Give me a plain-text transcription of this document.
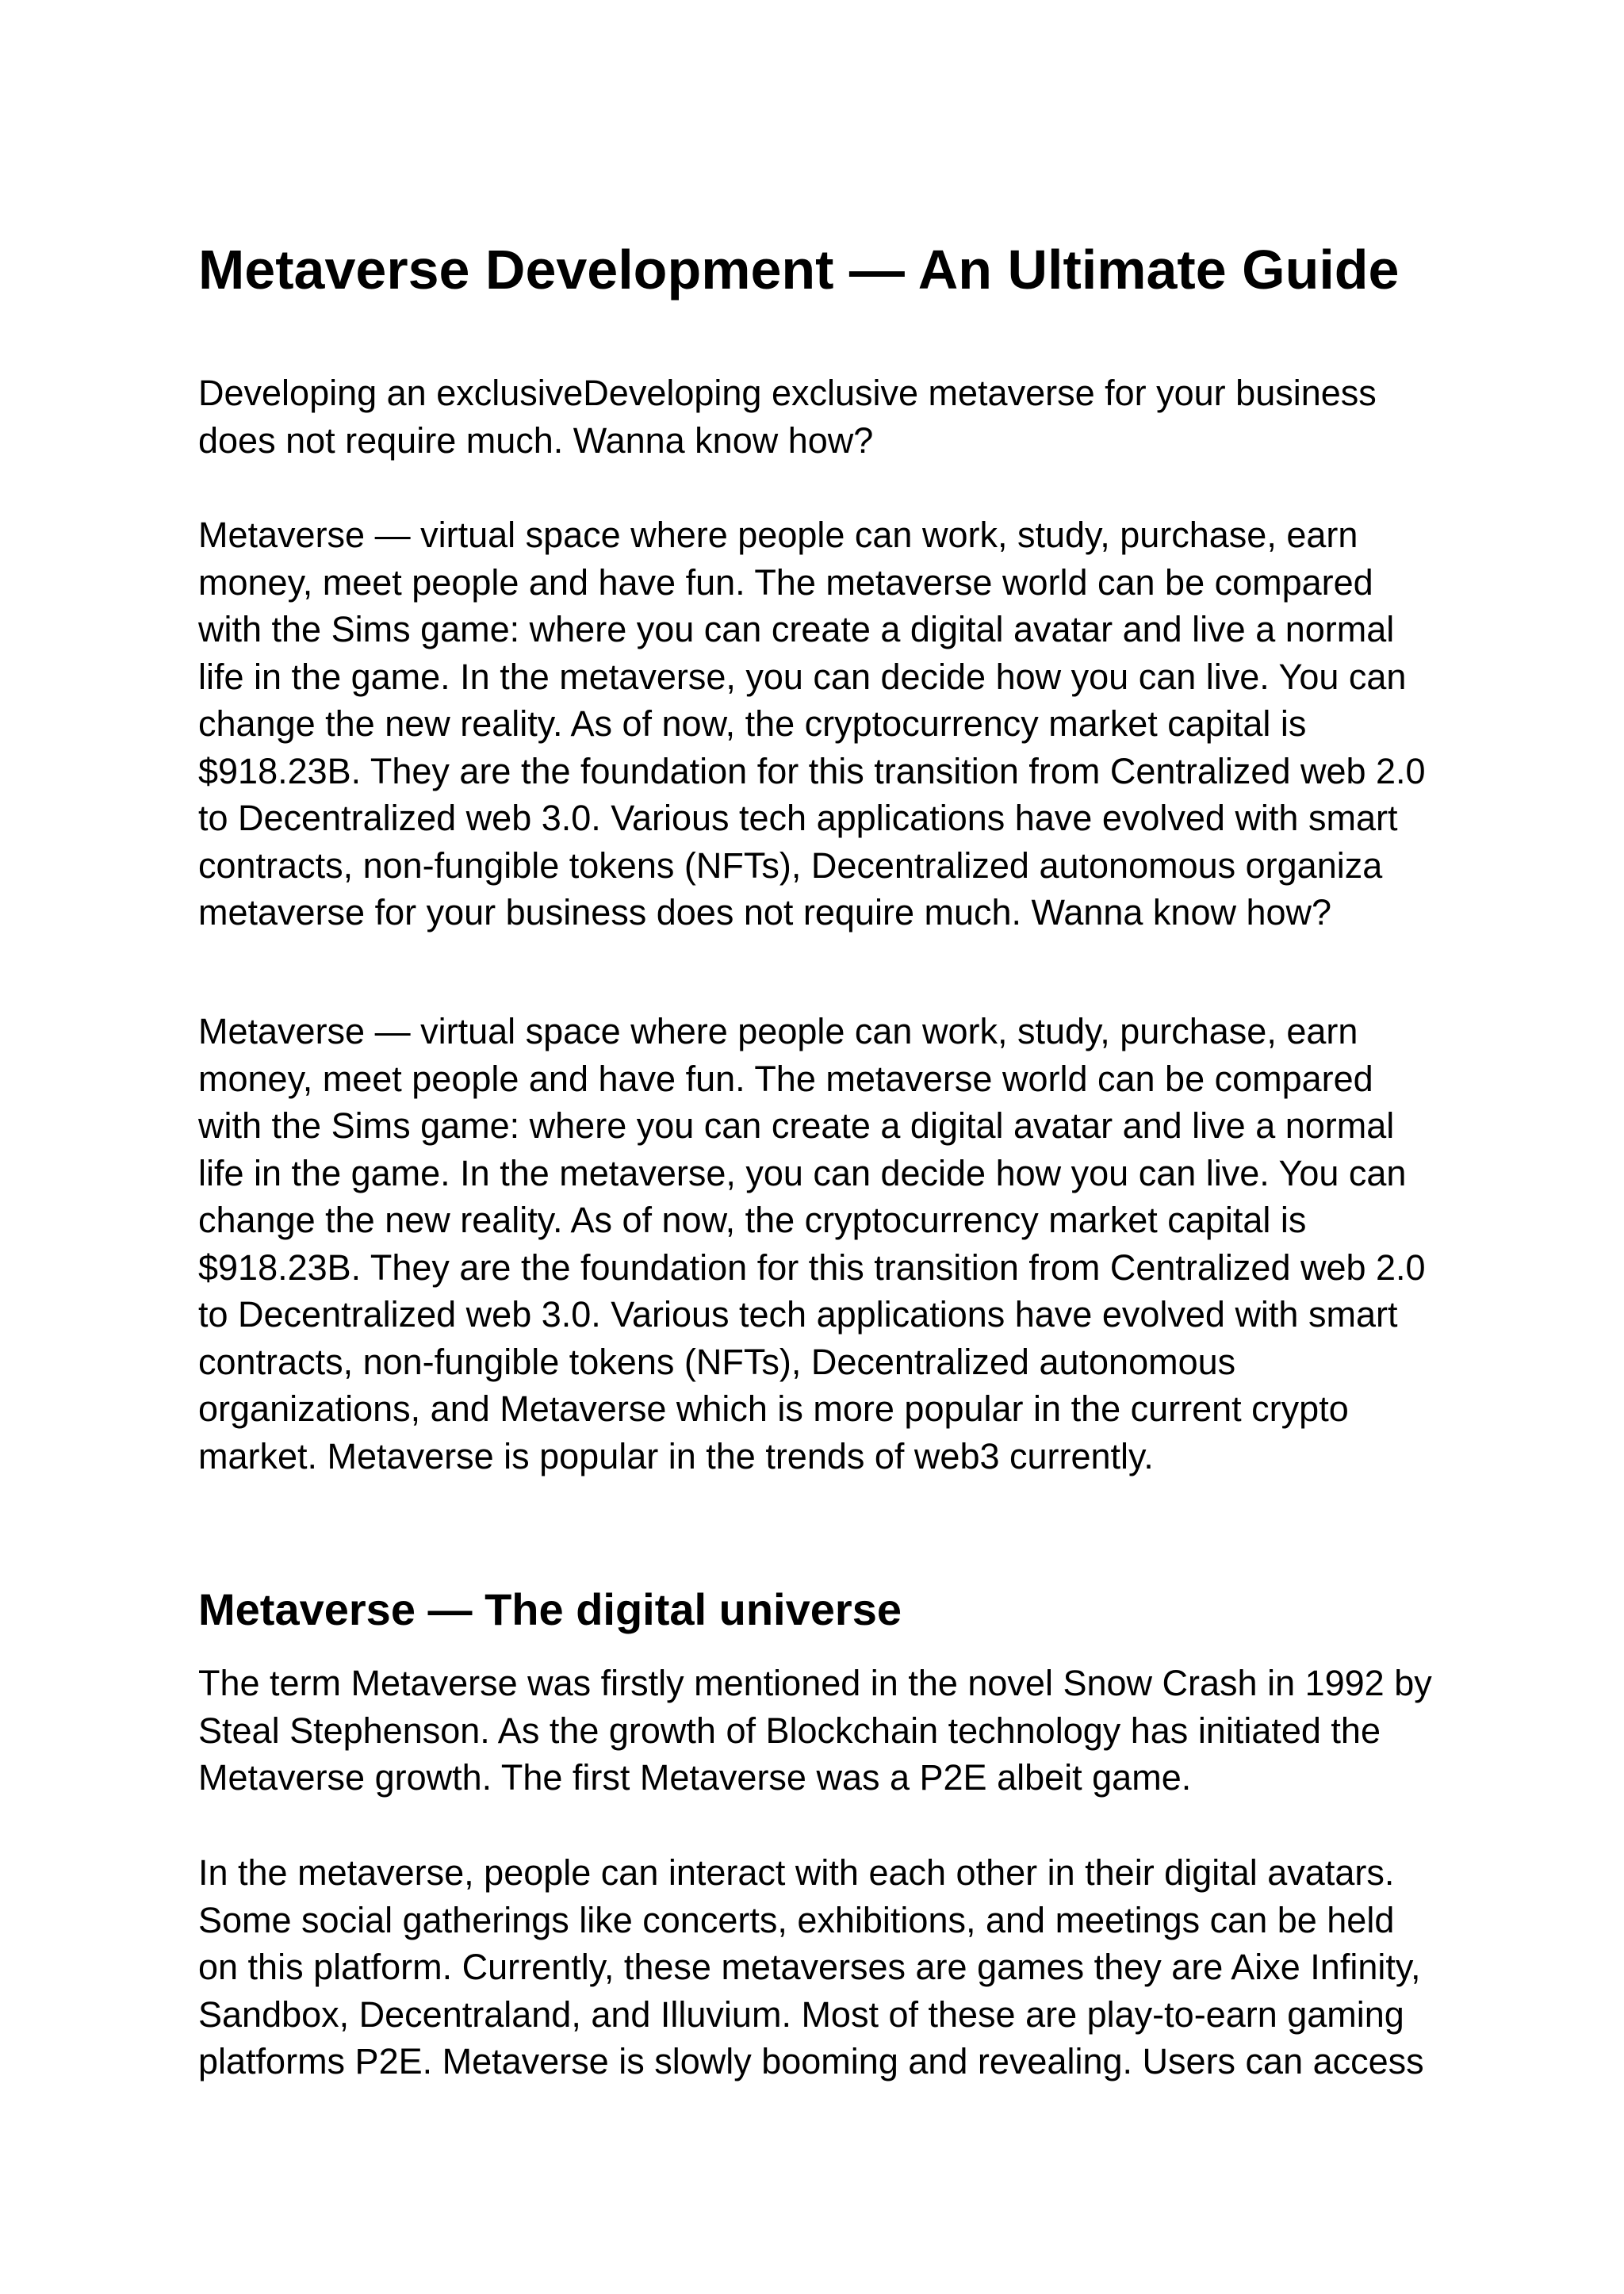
Metaverse Development — An Ultimate Guide

Developing an exclusiveDeveloping exclusive metaverse for your business
does not require much. Wanna know how?

Metaverse — virtual space where people can work, study, purchase, earn
money, meet people and have fun. The metaverse world can be compared
with the Sims game: where you can create a digital avatar and live a normal
life in the game. In the metaverse, you can decide how you can live. You can
change the new reality. As of now, the cryptocurrency market capital is
$918.23B. They are the foundation for this transition from Centralized web 2.0
to Decentralized web 3.0. Various tech applications have evolved with smart
contracts, non-fungible tokens (NFTs), Decentralized autonomous organiza
metaverse for your business does not require much. Wanna know how?

Metaverse — virtual space where people can work, study, purchase, earn
money, meet people and have fun. The metaverse world can be compared
with the Sims game: where you can create a digital avatar and live a normal
life in the game. In the metaverse, you can decide how you can live. You can
change the new reality. As of now, the cryptocurrency market capital is
$918.23B. They are the foundation for this transition from Centralized web 2.0
to Decentralized web 3.0. Various tech applications have evolved with smart
contracts, non-fungible tokens (NFTs), Decentralized autonomous
organizations, and Metaverse which is more popular in the current crypto
market. Metaverse is popular in the trends of web3 currently.

Metaverse — The digital universe

The term Metaverse was firstly mentioned in the novel Snow Crash in 1992 by
Steal Stephenson. As the growth of Blockchain technology has initiated the
Metaverse growth. The first Metaverse was a P2E albeit game.

In the metaverse, people can interact with each other in their digital avatars.
Some social gatherings like concerts, exhibitions, and meetings can be held
on this platform. Currently, these metaverses are games they are Aixe Infinity,
Sandbox, Decentraland, and Illuvium. Most of these are play-to-earn gaming
platforms P2E. Metaverse is slowly booming and revealing. Users can access
